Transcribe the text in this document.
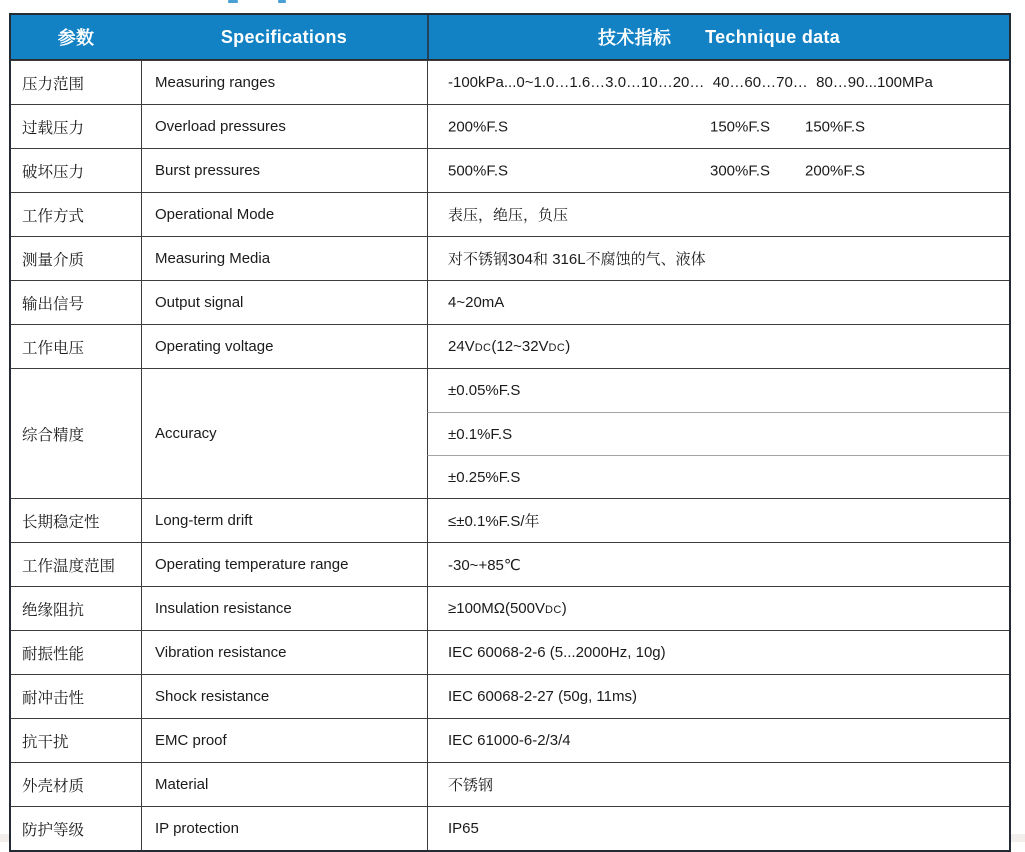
参数	Specifications	技术指标 Technique data
压力范围	Measuring ranges	-100kPa...0~1.0…1.6…3.0…10…20…  40…60…70…  80…90...100MPa
过载压力	Overload pressures	200%F.S	150%F.S 150%F.S
破坏压力	Burst pressures	500%F.S	300%F.S 200%F.S
工作方式	Operational Mode	表压，绝压，负压
测量介质	Measuring Media	对不锈钢304和 316L不腐蚀的气、液体
输出信号	Output signal	4~20mA
工作电压	Operating voltage	24VDC(12~32VDC)
综合精度	Accuracy
±0.05%F.S
±0.1%F.S
±0.25%F.S
长期稳定性	Long-term drift	≤±0.1%F.S/年
工作温度范围	Operating temperature range	-30~+85℃
绝缘阻抗	Insulation resistance	≥100MΩ(500VDC)
耐振性能	Vibration resistance	IEC 60068-2-6 (5...2000Hz, 10g)
耐冲击性	Shock resistance	IEC 60068-2-27 (50g, 11ms)
抗干扰	EMC proof	IEC 61000-6-2/3/4
外壳材质	Material	不锈钢
防护等级	IP protection	IP65
